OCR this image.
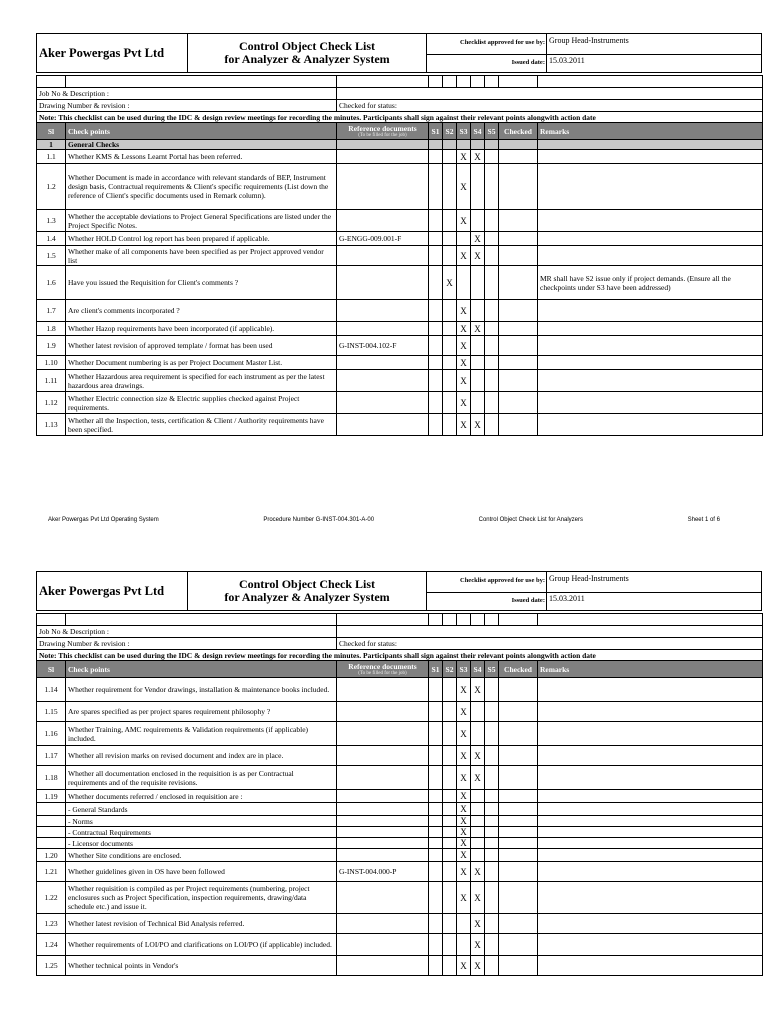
Aker Powergas Pvt Ltd	Control Object Check List
for Analyzer & Analyzer System
Checklist approved for use by: Group Head-Instruments
Issued date: 15.03.2011

Job No & Description :									
Drawing Number & revision :		Checked for status:							
Note: This checklist can be used during the IDC & design review meetings for recording the minutes. Participants shall sign against their relevant points alongwith action date									
Sl	Check points	Reference documents
(To be filled for the job)	S1	S2	S3	S4	S5	Checked	Remarks
1	General Checks								
1.1	Whether KMS & Lessons Learnt Portal has been referred.				X	X			
1.2	Whether Document is made in accordance with relevant standards of BEP, Instrument design basis, Contractual requirements & Client's specific requirements (List down the reference of Client's specific documents used in Remark column).				X				
1.3	Whether the acceptable deviations to Project General Specifications are listed under the Project Specific Notes.				X				
1.4	Whether HOLD Control log report has been prepared if applicable.	G-ENGG-009.001-F				X			
1.5	Whether make of all components have been specified as per Project approved vendor list				X	X			
1.6	Have you issued the Requisition for Client's comments ?			X					MR shall have S2 issue only if project demands. (Ensure all the checkpoints under S3 have been addressed)
1.7	Are client's comments incorporated ?				X				
1.8	Whether Hazop requirements have been incorporated (if applicable).				X	X			
1.9	Whether latest revision of approved template / format has been used	G-INST-004.102-F			X				
1.10	Whether Document numbering is as per Project Document Master List.				X				
1.11	Whether Hazardous area requirement is specified for each instrument as per the latest hazardous area drawings.				X				
1.12	Whether Electric connection size & Electric supplies checked against Project requirements.				X				
1.13	Whether all the Inspection, tests, certification & Client / Authority requirements have been specified.				X	X			
Aker Powergas Pvt Ltd Operating System	Procedure Number G-INST-004.301-A-00	Control Object Check List for Analyzers	Sheet 1 of 6
Aker Powergas Pvt Ltd	Control Object Check List
for Analyzer & Analyzer System
Checklist approved for use by: Group Head-Instruments
Issued date: 15.03.2011

Job No & Description :									
Drawing Number & revision :		Checked for status:							
Note: This checklist can be used during the IDC & design review meetings for recording the minutes. Participants shall sign against their relevant points alongwith action date									
Sl	Check points	Reference documents
(To be filled for the job)	S1	S2	S3	S4	S5	Checked	Remarks
1.14	Whether requirement for Vendor drawings, installation & maintenance books included.				X	X			
1.15	Are spares specified as per project spares requirement philosophy ?				X				
1.16	Whether Training, AMC requirements & Validation requirements (if applicable) included.				X				
1.17	Whether all revision marks on revised document and index are in place.				X	X			
1.18	Whether all documentation enclosed in the requisition is as per Contractual requirements and of the requisite revisions.				X	X			
1.19	Whether documents referred / enclosed in requisition are :				X				
	- General Standards				X				
	- Norms				X				
	- Contractual Requirements				X				
	- Licensor documents				X				
1.20	Whether Site conditions are enclosed.				X				
1.21	Whether guidelines given in OS have been followed	G-INST-004.000-P			X	X			
1.22	Whether requisition is compiled as per Project requirements (numbering, project enclosures such as Project Specification, inspection requirements, drawing/data schedule etc.) and issue it.				X	X			
1.23	Whether latest revision of Technical Bid Analysis referred.					X			
1.24	Whether requirements of LOI/PO and clarifications on LOI/PO (if applicable) included.					X			
1.25	Whether technical points in Vendor's				X	X			
